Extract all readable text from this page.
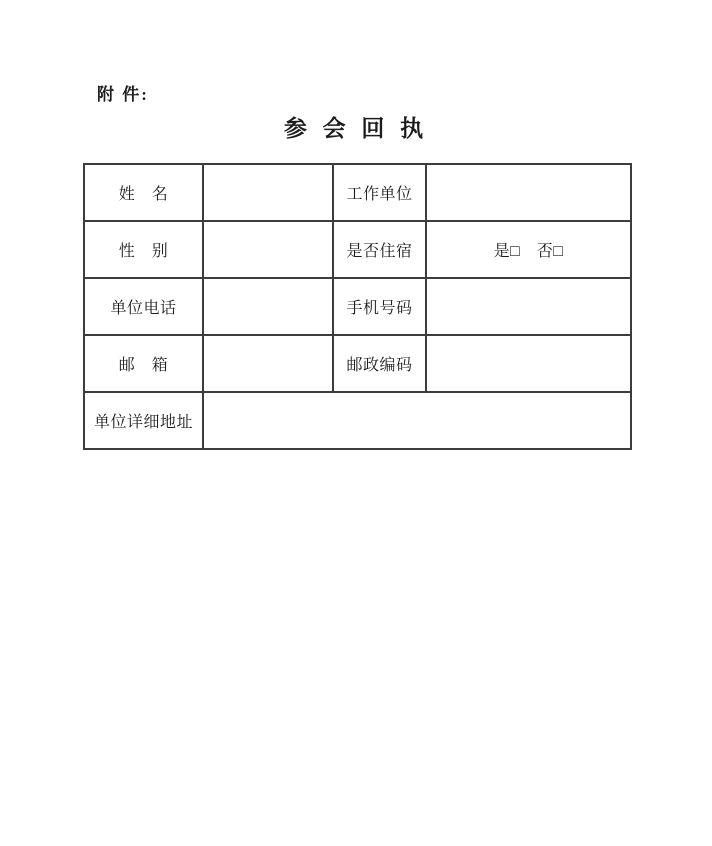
附 件:
参 会 回 执
姓　名		工作单位	
性　别		是否住宿	是□　否□
单位电话		手机号码	
邮　箱		邮政编码	
单位详细地址			
